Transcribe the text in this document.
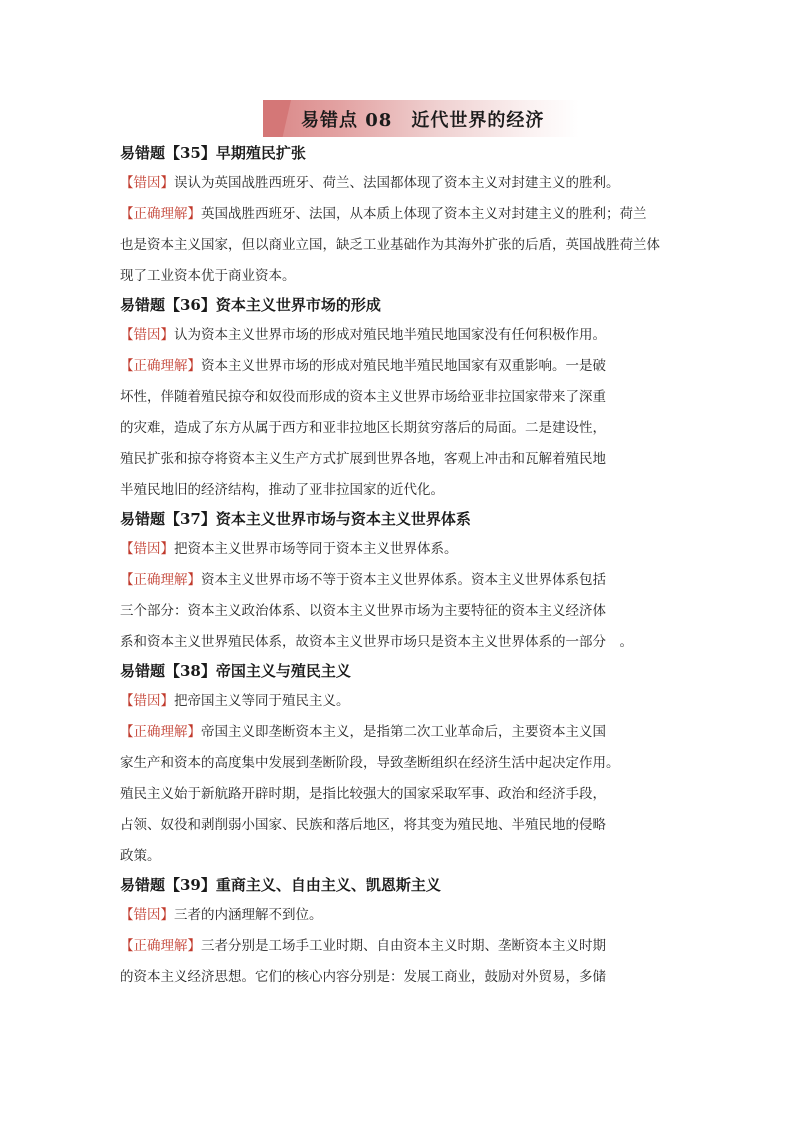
易错点 08　近代世界的经济
易错题【35】早期殖民扩张

【错因】误认为英国战胜西班牙、荷兰、法国都体现了资本主义对封建主义的胜利。

【正确理解】英国战胜西班牙、法国，从本质上体现了资本主义对封建主义的胜利；荷兰

也是资本主义国家，但以商业立国，缺乏工业基础作为其海外扩张的后盾，英国战胜荷兰体

现了工业资本优于商业资本。

易错题【36】资本主义世界市场的形成

【错因】认为资本主义世界市场的形成对殖民地半殖民地国家没有任何积极作用。

【正确理解】资本主义世界市场的形成对殖民地半殖民地国家有双重影响。一是破

坏性，伴随着殖民掠夺和奴役而形成的资本主义世界市场给亚非拉国家带来了深重

的灾难，造成了东方从属于西方和亚非拉地区长期贫穷落后的局面。二是建设性，

殖民扩张和掠夺将资本主义生产方式扩展到世界各地，客观上冲击和瓦解着殖民地

半殖民地旧的经济结构，推动了亚非拉国家的近代化。

易错题【37】资本主义世界市场与资本主义世界体系

【错因】把资本主义世界市场等同于资本主义世界体系。

【正确理解】资本主义世界市场不等于资本主义世界体系。资本主义世界体系包括

三个部分：资本主义政治体系、以资本主义世界市场为主要特征的资本主义经济体

系和资本主义世界殖民体系，故资本主义世界市场只是资本主义世界体系的一部分　。

易错题【38】帝国主义与殖民主义

【错因】把帝国主义等同于殖民主义。

【正确理解】帝国主义即垄断资本主义，是指第二次工业革命后，主要资本主义国

家生产和资本的高度集中发展到垄断阶段，导致垄断组织在经济生活中起决定作用。

殖民主义始于新航路开辟时期，是指比较强大的国家采取军事、政治和经济手段，

占领、奴役和剥削弱小国家、民族和落后地区，将其变为殖民地、半殖民地的侵略

政策。

易错题【39】重商主义、自由主义、凯恩斯主义

【错因】三者的内涵理解不到位。

【正确理解】三者分别是工场手工业时期、自由资本主义时期、垄断资本主义时期

的资本主义经济思想。它们的核心内容分别是：发展工商业，鼓励对外贸易，多储
